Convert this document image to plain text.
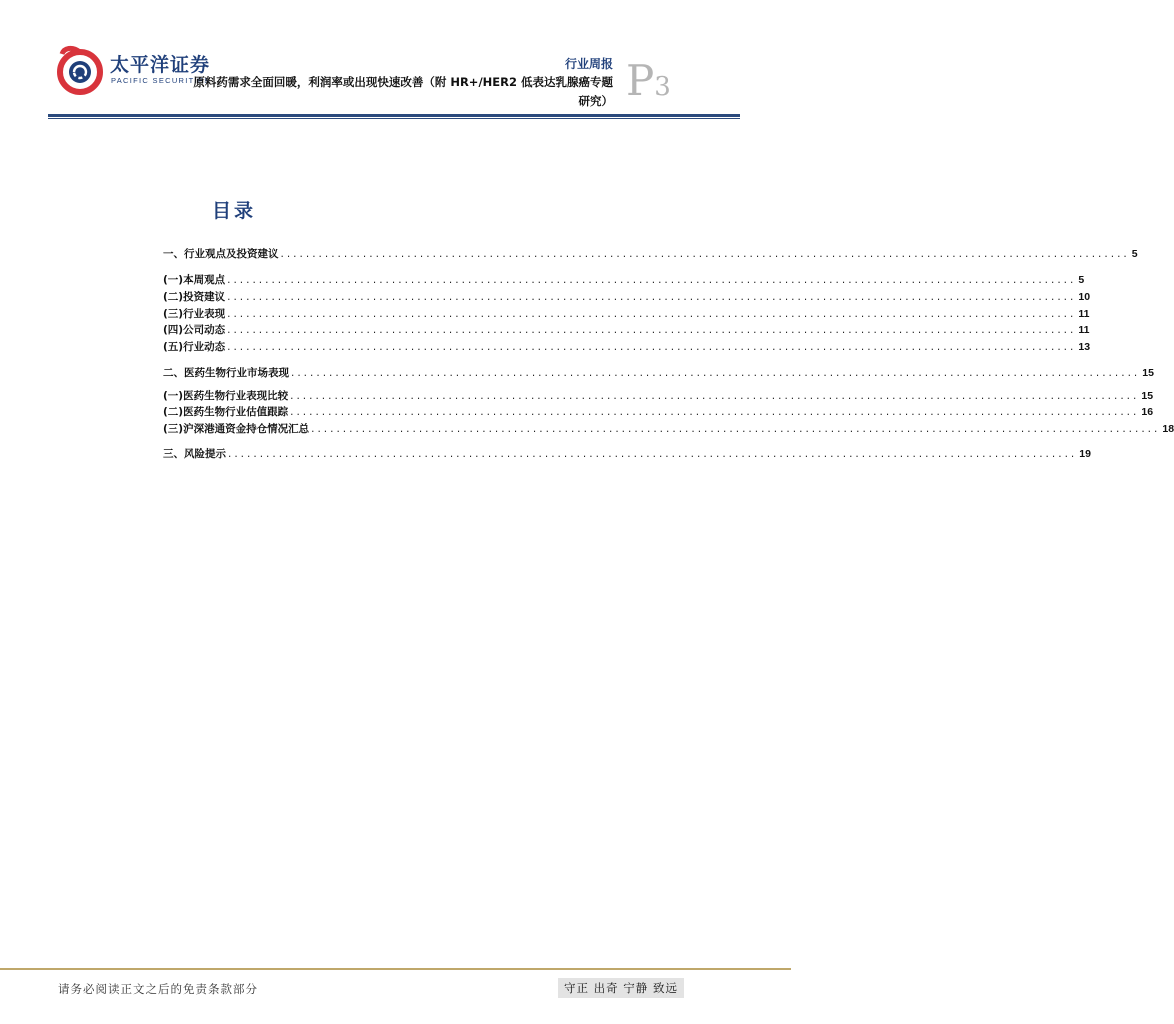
太平洋证券
PACIFIC SECURITIES
行业周报
原料药需求全面回暖，利润率或出现快速改善（附 HR+/HER2 低表达乳腺癌专题研究） P3
目录
一、 行业观点及投资建议 ...................................................................................................................................... 5
(一) 本周观点 ...................................................................................................................................... 5
(二) 投资建议 ...................................................................................................................................... 10
(三) 行业表现 ...................................................................................................................................... 11
(四) 公司动态 ...................................................................................................................................... 11
(五) 行业动态 ...................................................................................................................................... 13
二、 医药生物行业市场表现 ...................................................................................................................................... 15
(一) 医药生物行业表现比较 ...................................................................................................................................... 15
(二) 医药生物行业估值跟踪 ...................................................................................................................................... 16
(三) 沪深港通资金持仓情况汇总 ...................................................................................................................................... 18
三、 风险提示 ...................................................................................................................................... 19
请务必阅读正文之后的免责条款部分	守正 出奇 宁静 致远
